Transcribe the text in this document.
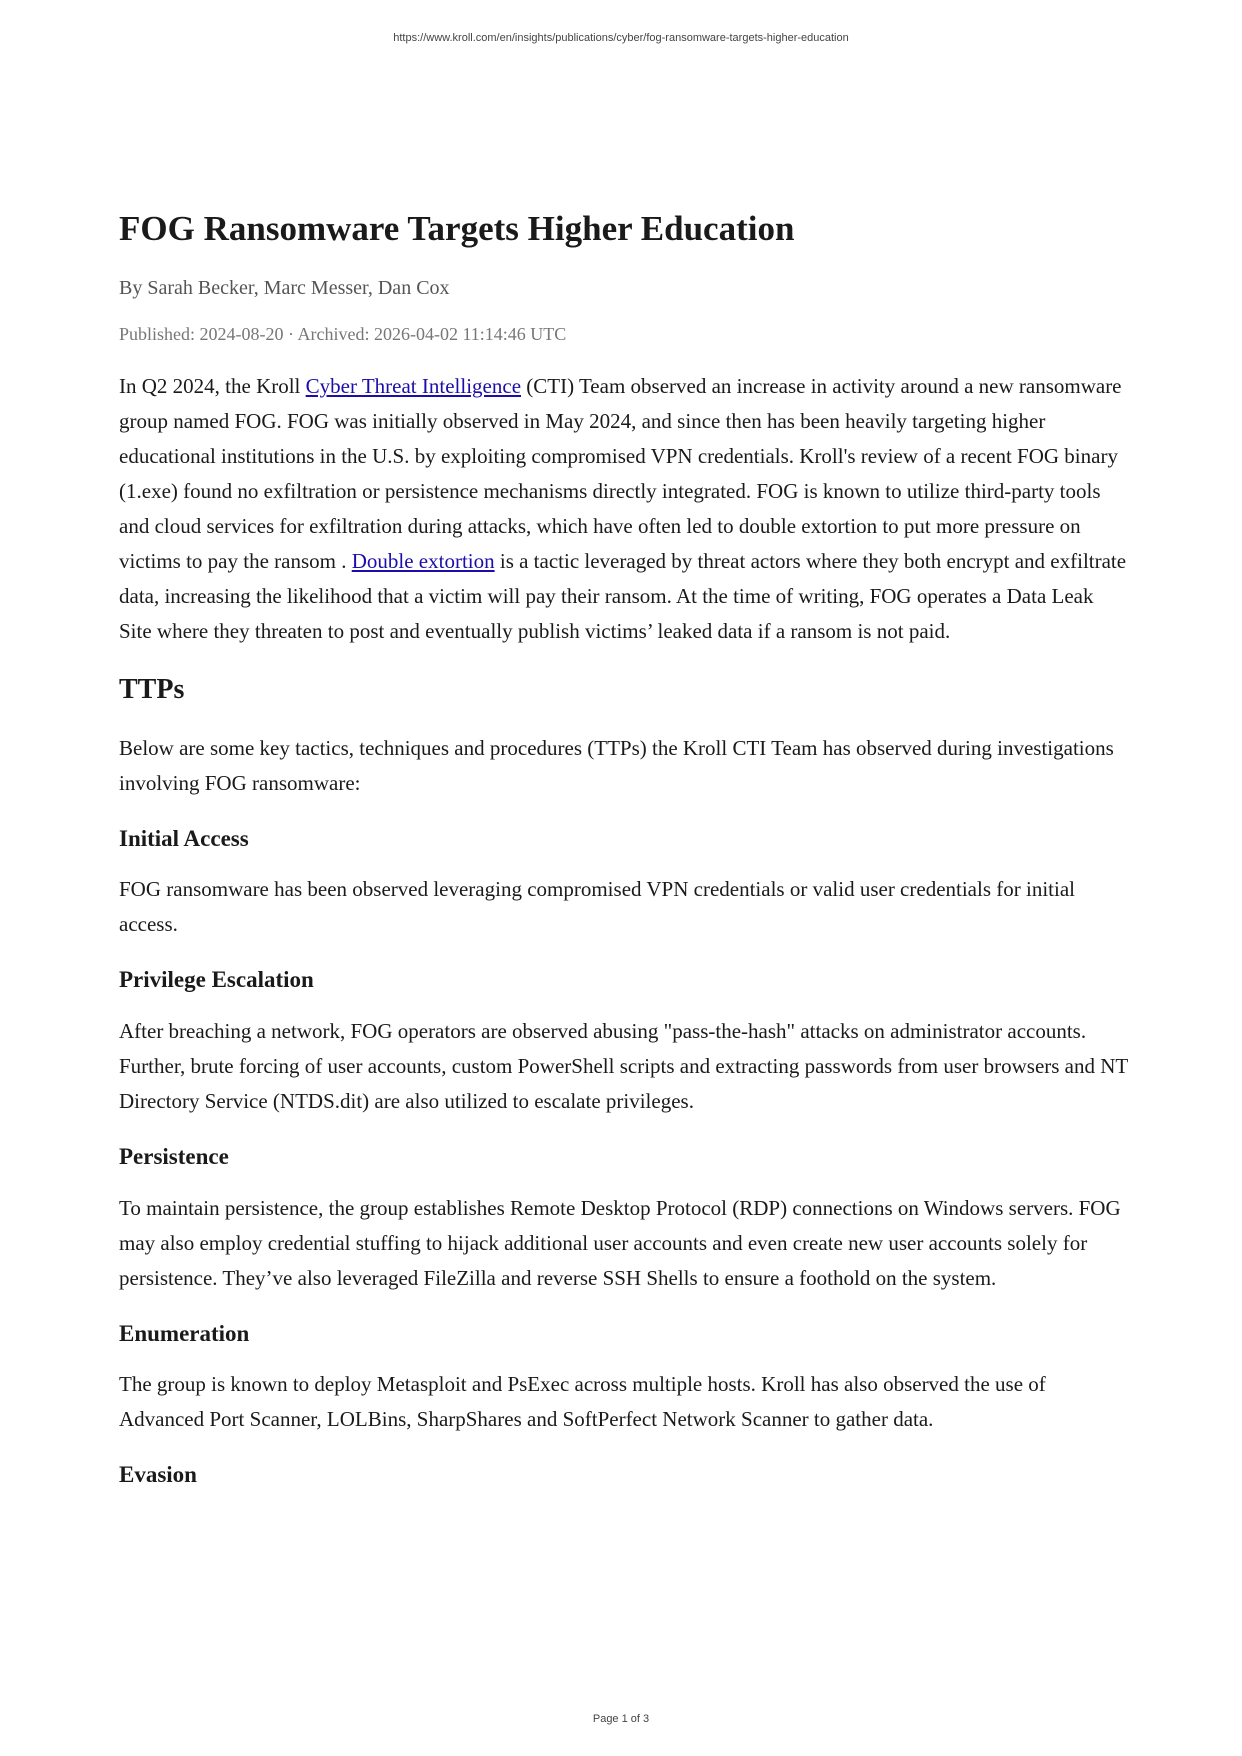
https://www.kroll.com/en/insights/publications/cyber/fog-ransomware-targets-higher-education
FOG Ransomware Targets Higher Education
By Sarah Becker, Marc Messer, Dan Cox
Published: 2024-08-20 · Archived: 2026-04-02 11:14:46 UTC

In Q2 2024, the Kroll Cyber Threat Intelligence (CTI) Team observed an increase in activity around a new ransomware group named FOG. FOG was initially observed in May 2024, and since then has been heavily targeting higher educational institutions in the U.S. by exploiting compromised VPN credentials. Kroll's review of a recent FOG binary (1.exe) found no exfiltration or persistence mechanisms directly integrated. FOG is known to utilize third-party tools and cloud services for exfiltration during attacks, which have often led to double extortion to put more pressure on victims to pay the ransom . Double extortion is a tactic leveraged by threat actors where they both encrypt and exfiltrate data, increasing the likelihood that a victim will pay their ransom. At the time of writing, FOG operates a Data Leak Site where they threaten to post and eventually publish victims’ leaked data if a ransom is not paid.

TTPs

Below are some key tactics, techniques and procedures (TTPs) the Kroll CTI Team has observed during investigations involving FOG ransomware:

Initial Access

FOG ransomware has been observed leveraging compromised VPN credentials or valid user credentials for initial access.

Privilege Escalation

After breaching a network, FOG operators are observed abusing "pass-the-hash" attacks on administrator accounts. Further, brute forcing of user accounts, custom PowerShell scripts and extracting passwords from user browsers and NT Directory Service (NTDS.dit) are also utilized to escalate privileges.

Persistence

To maintain persistence, the group establishes Remote Desktop Protocol (RDP) connections on Windows servers. FOG may also employ credential stuffing to hijack additional user accounts and even create new user accounts solely for persistence. They’ve also leveraged FileZilla and reverse SSH Shells to ensure a foothold on the system.

Enumeration

The group is known to deploy Metasploit and PsExec across multiple hosts. Kroll has also observed the use of Advanced Port Scanner, LOLBins, SharpShares and SoftPerfect Network Scanner to gather data.

Evasion
Page 1 of 3
